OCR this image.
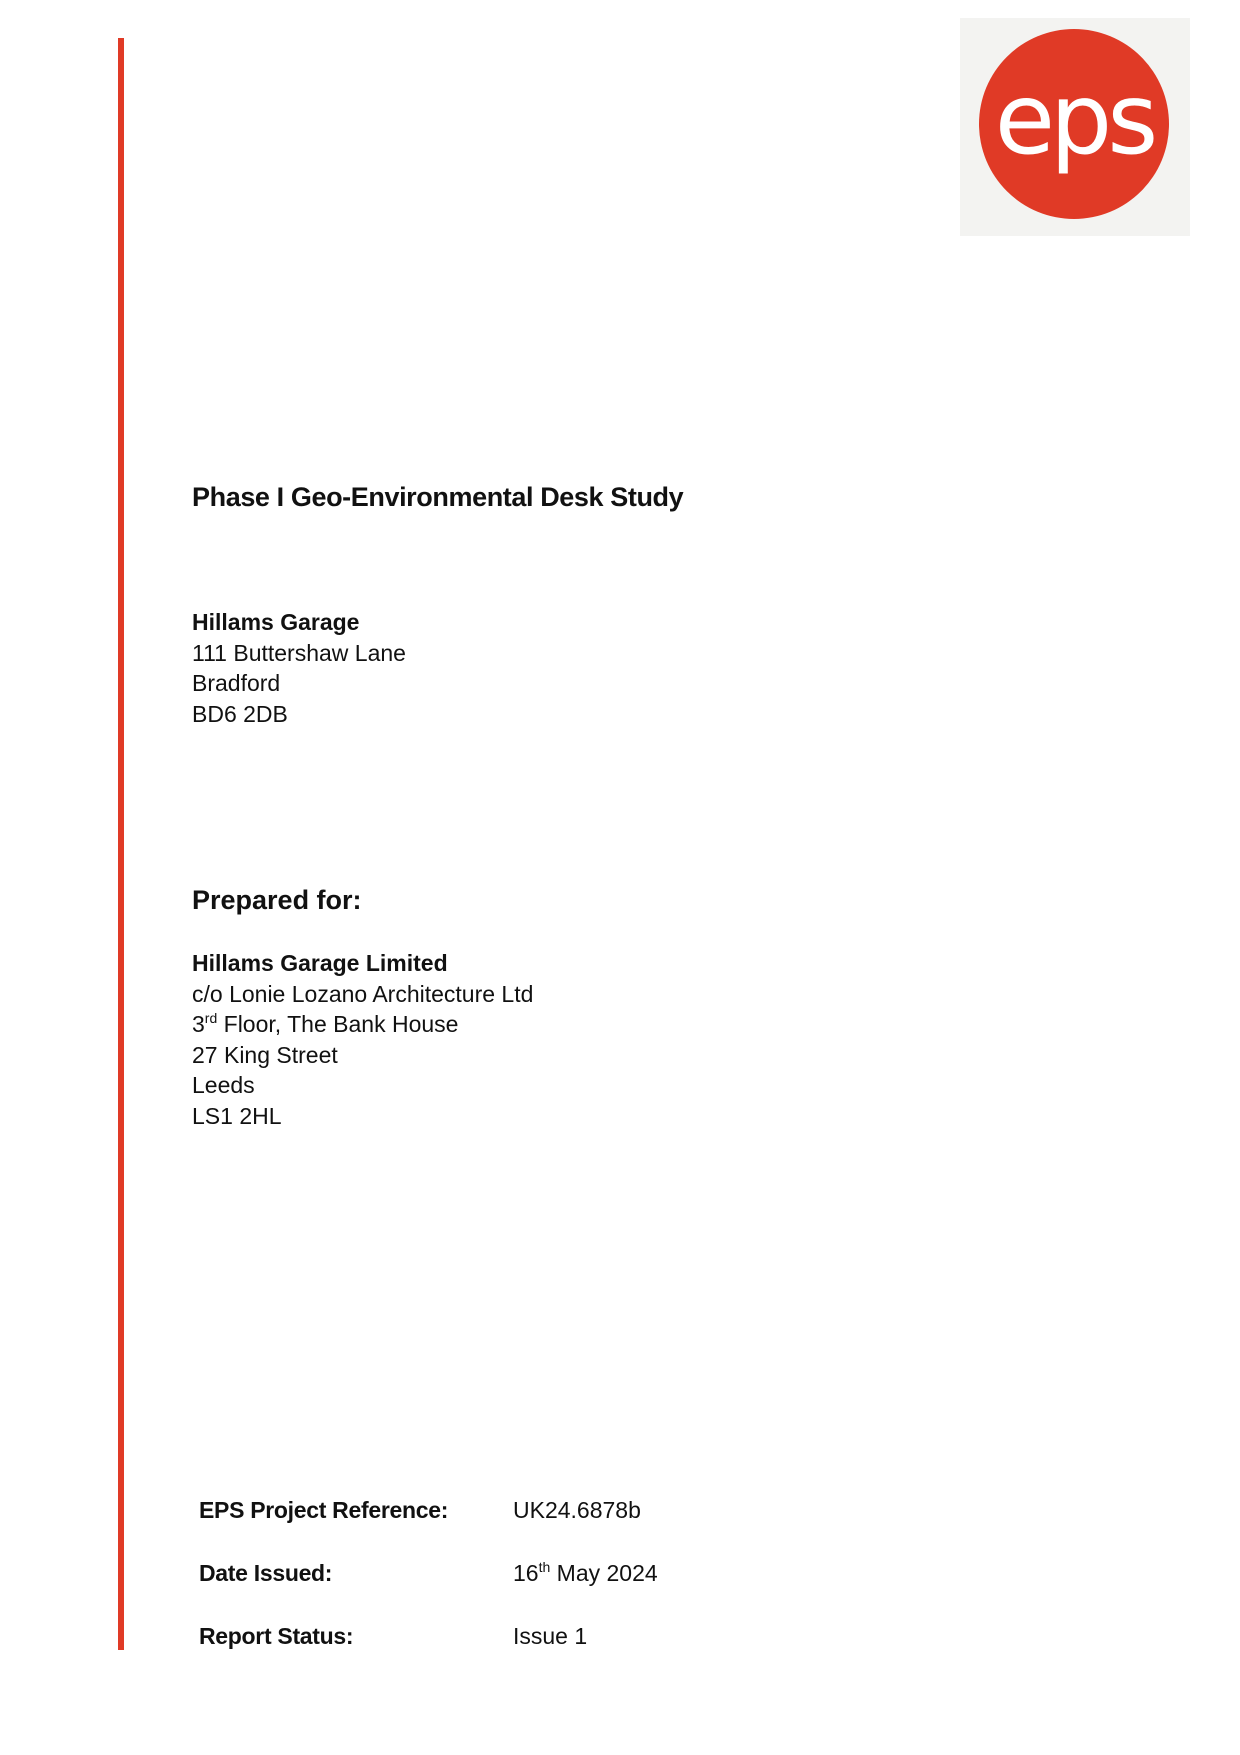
eps
Phase I Geo-Environmental Desk Study
Hillams Garage
111 Buttershaw Lane
Bradford
BD6 2DB
Prepared for:
Hillams Garage Limited
c/o Lonie Lozano Architecture Ltd
3rd Floor, The Bank House
27 King Street
Leeds
LS1 2HL
EPS Project Reference:	UK24.6878b
Date Issued:	16th May 2024
Report Status:	Issue 1
